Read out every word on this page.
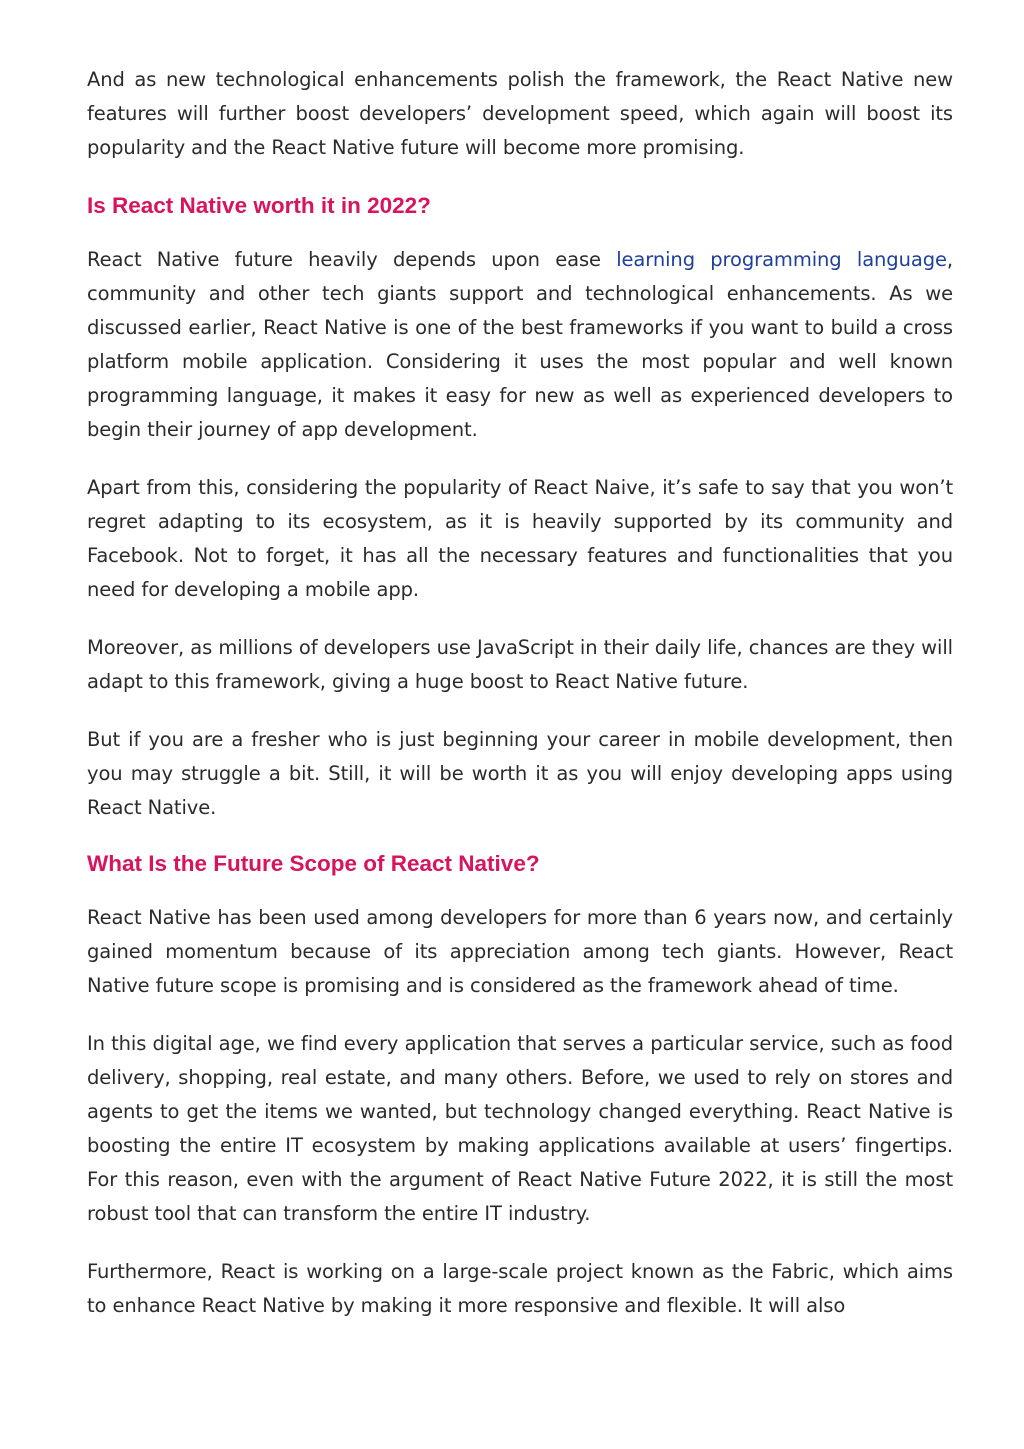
And as new technological enhancements polish the framework, the React Native new features will further boost developers’ development speed, which again will boost its popularity and the React Native future will become more promising.

Is React Native worth it in 2022?

React Native future heavily depends upon ease learning programming language, community and other tech giants support and technological enhancements. As we discussed earlier, React Native is one of the best frameworks if you want to build a cross platform mobile application. Considering it uses the most popular and well known programming language, it makes it easy for new as well as experienced developers to begin their journey of app development.

Apart from this, considering the popularity of React Naive, it’s safe to say that you won’t regret adapting to its ecosystem, as it is heavily supported by its community and Facebook. Not to forget, it has all the necessary features and functionalities that you need for developing a mobile app.

Moreover, as millions of developers use JavaScript in their daily life, chances are they will adapt to this framework, giving a huge boost to React Native future.

But if you are a fresher who is just beginning your career in mobile development, then you may struggle a bit. Still, it will be worth it as you will enjoy developing apps using React Native.

What Is the Future Scope of React Native?

React Native has been used among developers for more than 6 years now, and certainly gained momentum because of its appreciation among tech giants. However, React Native future scope is promising and is considered as the framework ahead of time.

In this digital age, we find every application that serves a particular service, such as food delivery, shopping, real estate, and many others. Before, we used to rely on stores and agents to get the items we wanted, but technology changed everything. React Native is boosting the entire IT ecosystem by making applications available at users’ fingertips. For this reason, even with the argument of React Native Future 2022, it is still the most robust tool that can transform the entire IT industry.

Furthermore, React is working on a large-scale project known as the Fabric, which aims to enhance React Native by making it more responsive and flexible. It will also
